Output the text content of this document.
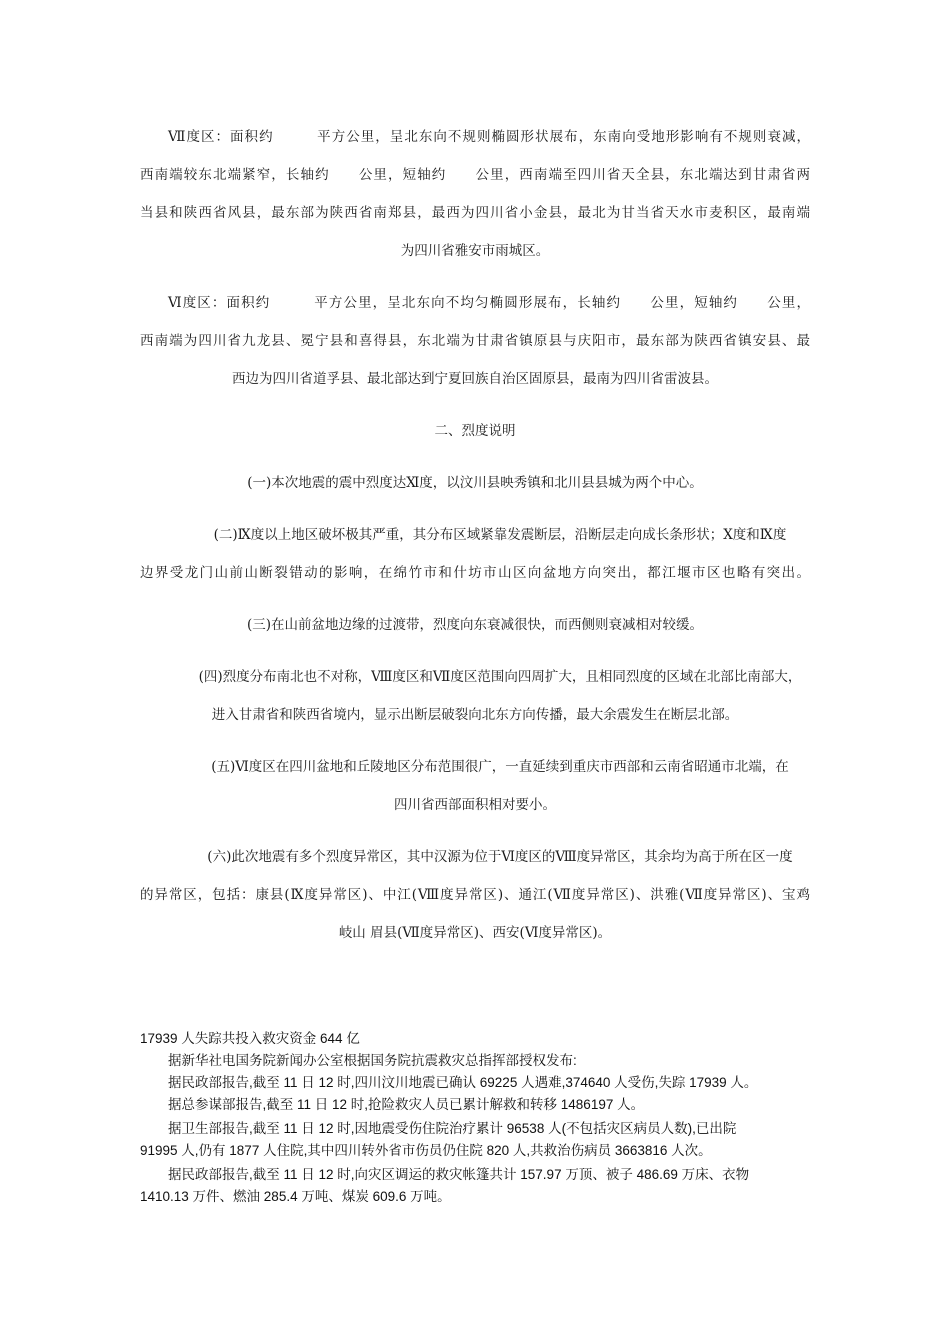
Ⅶ度区：面积约　　　平方公里，呈北东向不规则椭圆形状展布，东南向受地形影响有不规则衰减，
西南端较东北端紧窄，长轴约　　公里，短轴约　　公里，西南端至四川省天全县，东北端达到甘肃省两
当县和陕西省风县，最东部为陕西省南郑县，最西为四川省小金县，最北为甘当省天水市麦积区，最南端
为四川省雅安市雨城区。
Ⅵ度区：面积约　　　平方公里，呈北东向不均匀椭圆形展布，长轴约　　公里，短轴约　　公里，
西南端为四川省九龙县、冕宁县和喜得县，东北端为甘肃省镇原县与庆阳市，最东部为陕西省镇安县、最
西边为四川省道孚县、最北部达到宁夏回族自治区固原县，最南为四川省雷波县。
二、烈度说明
(一)本次地震的震中烈度达Ⅺ度，以汶川县映秀镇和北川县县城为两个中心。
(二)Ⅸ度以上地区破坏极其严重，其分布区域紧靠发震断层，沿断层走向成长条形状；Ⅹ度和Ⅸ度
边界受龙门山前山断裂错动的影响，在绵竹市和什坊市山区向盆地方向突出，都江堰市区也略有突出。
(三)在山前盆地边缘的过渡带，烈度向东衰减很快，而西侧则衰减相对较缓。
(四)烈度分布南北也不对称，Ⅷ度区和Ⅶ度区范围向四周扩大，且相同烈度的区域在北部比南部大，
进入甘肃省和陕西省境内，显示出断层破裂向北东方向传播，最大余震发生在断层北部。
(五)Ⅵ度区在四川盆地和丘陵地区分布范围很广，一直延续到重庆市西部和云南省昭通市北端，在
四川省西部面积相对要小。
(六)此次地震有多个烈度异常区，其中汉源为位于Ⅵ度区的Ⅷ度异常区，其余均为高于所在区一度
的异常区，包括：康县(Ⅸ度异常区)、中江(Ⅷ度异常区)、通江(Ⅶ度异常区)、洪雅(Ⅶ度异常区)、宝鸡
岐山 眉县(Ⅶ度异常区)、西安(Ⅵ度异常区)。
17939 人失踪共投入救灾资金 644 亿
据新华社电国务院新闻办公室根据国务院抗震救灾总指挥部授权发布:
据民政部报告,截至 11 日 12 时,四川汶川地震已确认 69225 人遇难,374640 人受伤,失踪 17939 人。
据总参谋部报告,截至 11 日 12 时,抢险救灾人员已累计解救和转移 1486197 人。
据卫生部报告,截至 11 日 12 时,因地震受伤住院治疗累计 96538 人(不包括灾区病员人数),已出院
91995 人,仍有 1877 人住院,其中四川转外省市伤员仍住院 820 人,共救治伤病员 3663816 人次。
据民政部报告,截至 11 日 12 时,向灾区调运的救灾帐篷共计 157.97 万顶、被子 486.69 万床、衣物
1410.13 万件、燃油 285.4 万吨、煤炭 609.6 万吨。
